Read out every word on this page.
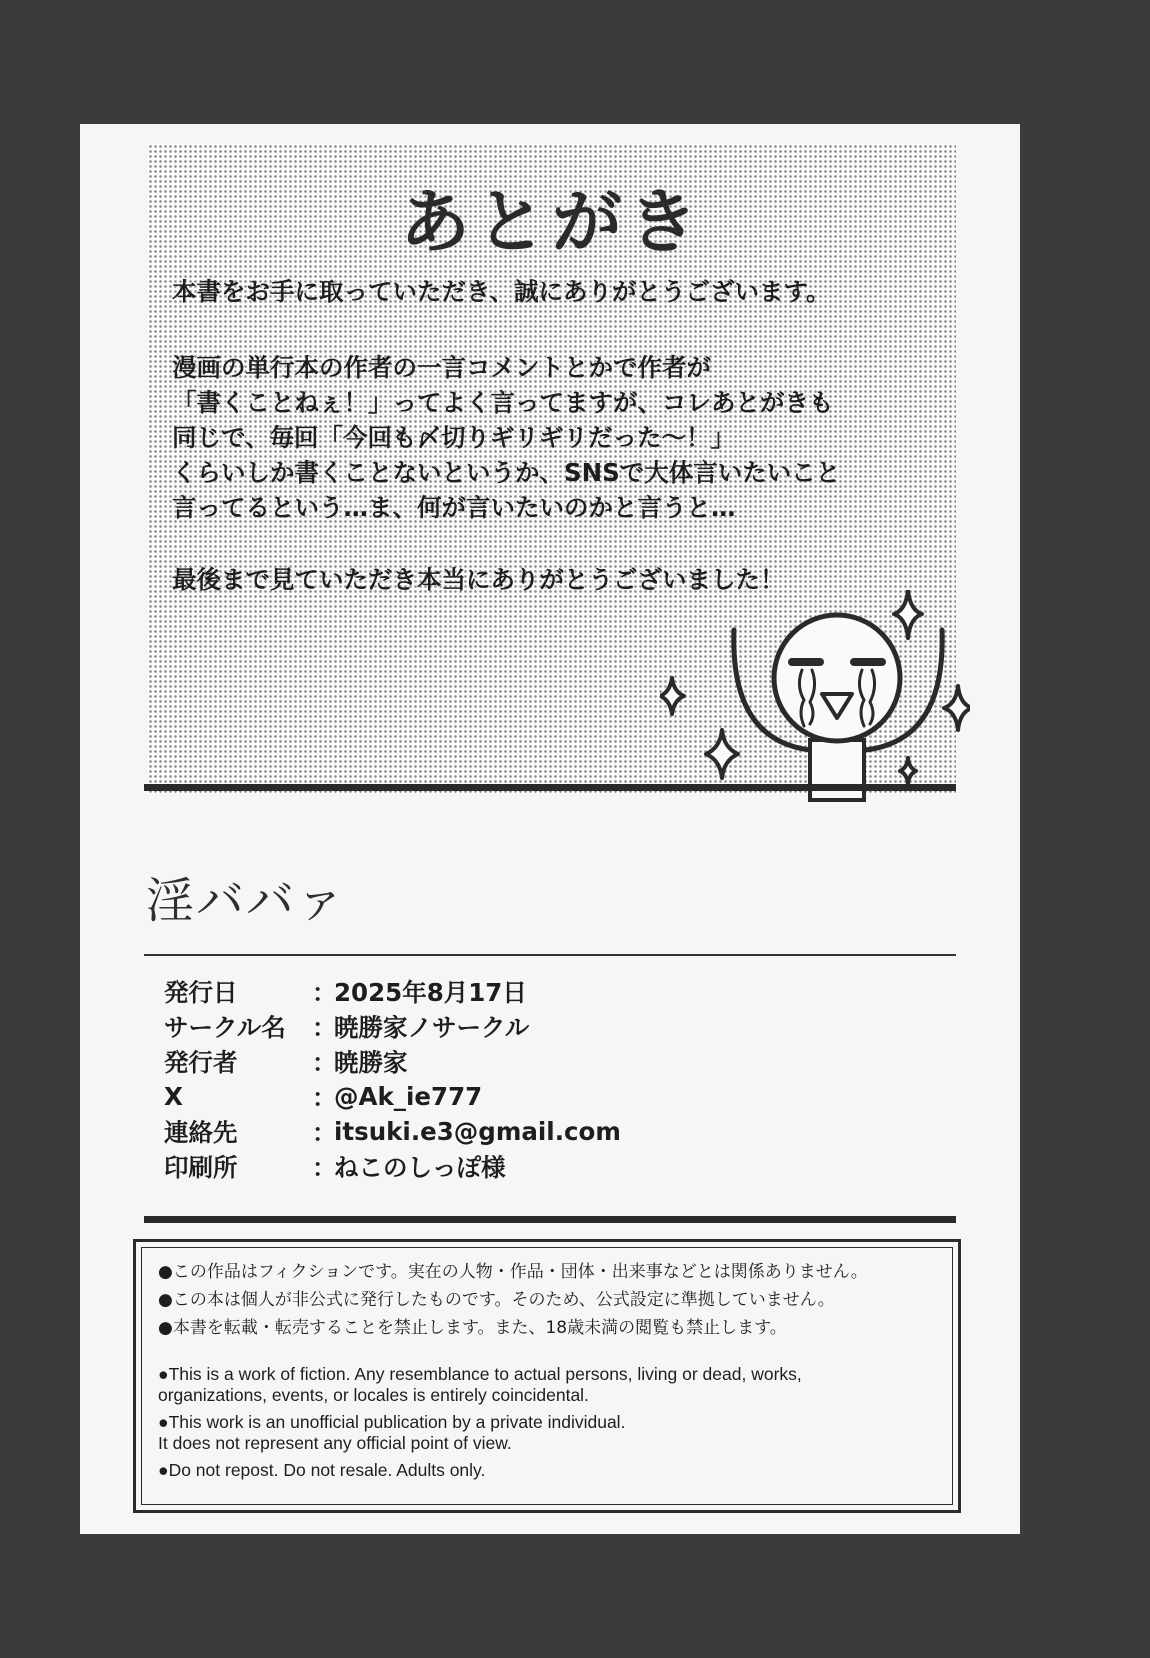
あとがき
本書をお手に取っていただき、誠にありがとうございます。
漫画の単行本の作者の一言コメントとかで作者が
「書くことねぇ！」ってよく言ってますが、コレあとがきも
同じで、毎回「今回も〆切りギリギリだった〜！」
くらいしか書くことないというか、SNSで大体言いたいこと
言ってるという…ま、何が言いたいのかと言うと…
最後まで見ていただき本当にありがとうございました！
淫ババァ
発行日	：
2025年8月17日
サークル名	：
暁勝家ノサークル
発行者	：
暁勝家
X	：
@Ak_ie777
連絡先	：
itsuki.e3@gmail.com
印刷所	：
ねこのしっぽ様
●この作品はフィクションです。実在の人物・作品・団体・出来事などとは関係ありません。
●この本は個人が非公式に発行したものです。そのため、公式設定に準拠していません。
●本書を転載・転売することを禁止します。また、18歳未満の閲覧も禁止します。
●This is a work of fiction. Any resemblance to actual persons, living or dead, works,
organizations, events, or locales is entirely coincidental.
●This work is an unofficial publication by a private individual.
It does not represent any official point of view.
●Do not repost. Do not resale. Adults only.
